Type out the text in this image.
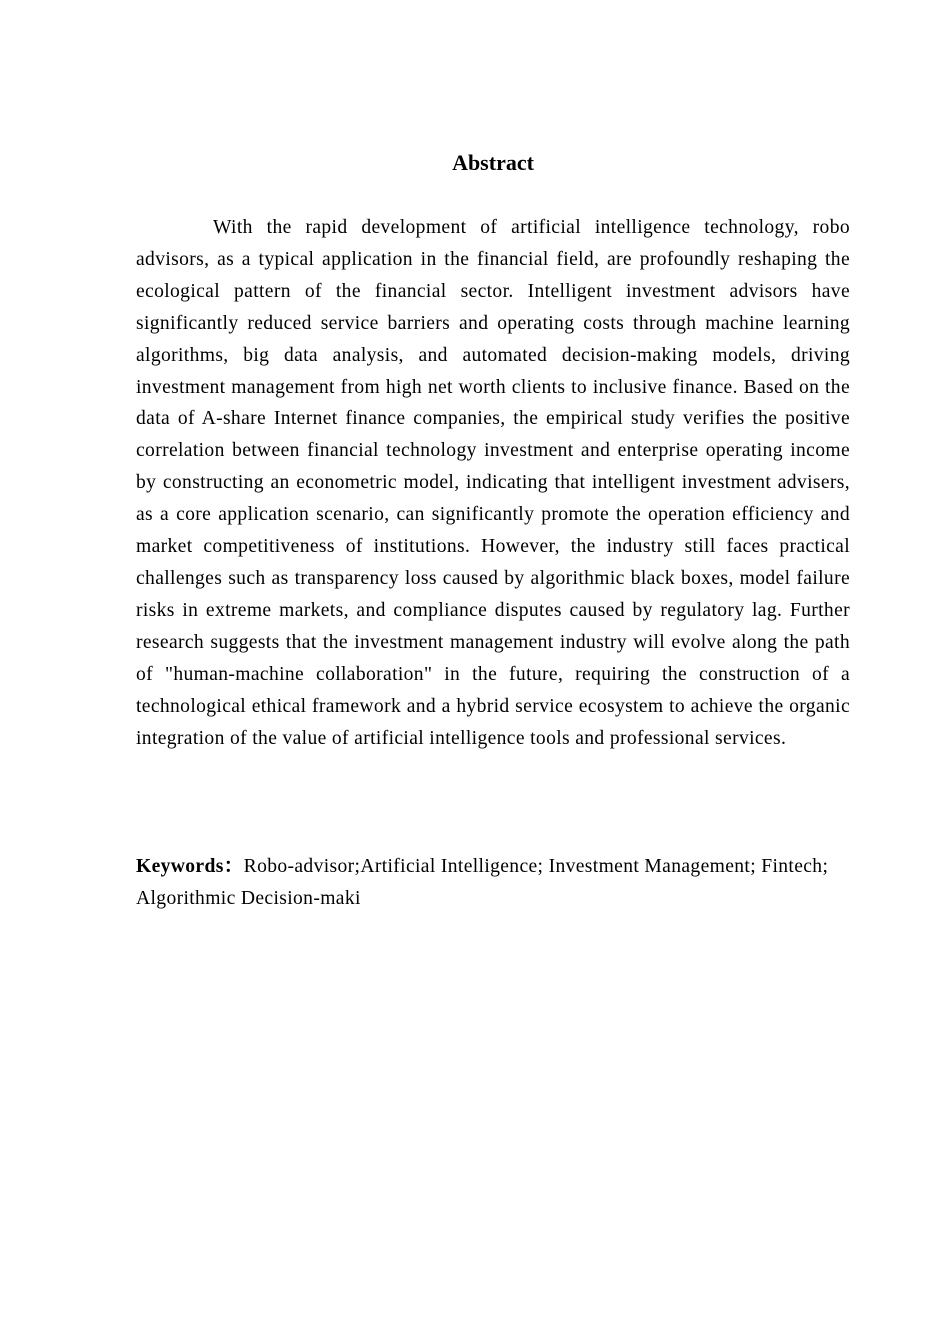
Abstract

With the rapid development of artificial intelligence technology, robo advisors, as a typical application in the financial field, are profoundly reshaping the ecological pattern of the financial sector. Intelligent investment advisors have significantly reduced service barriers and operating costs through machine learning algorithms, big data analysis, and automated decision-making models, driving investment management from high net worth clients to inclusive finance. Based on the data of A-share Internet finance companies, the empirical study verifies the positive correlation between financial technology investment and enterprise operating income by constructing an econometric model, indicating that intelligent investment advisers, as a core application scenario, can significantly promote the operation efficiency and market competitiveness of institutions. However, the industry still faces practical challenges such as transparency loss caused by algorithmic black boxes, model failure risks in extreme markets, and compliance disputes caused by regulatory lag. Further research suggests that the investment management industry will evolve along the path of "human-machine collaboration" in the future, requiring the construction of a technological ethical framework and a hybrid service ecosystem to achieve the organic integration of the value of artificial intelligence tools and professional services.

Keywords：Robo-advisor;Artificial Intelligence; Investment Management; Fintech; Algorithmic Decision-maki
